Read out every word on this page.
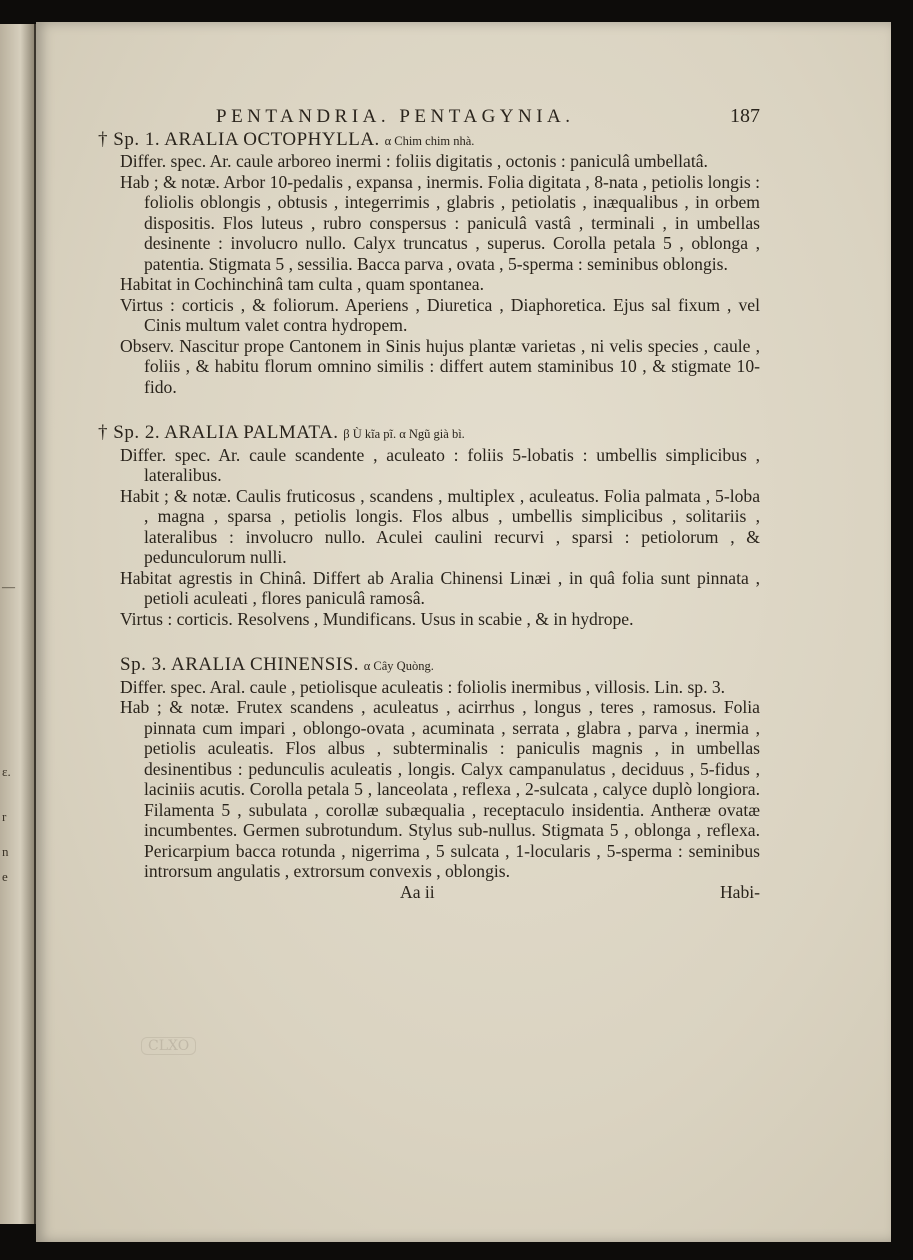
—
ɛ.
r
n
e
CLXO
PENTANDRIA. PENTAGYNIA.	187

† Sp. 1. ARALIA OCTOPHYLLA. α Chim chim nhà.

Differ. spec. Ar. caule arboreo inermi : foliis digitatis , octonis : paniculâ umbellatâ.

Hab ; & notæ. Arbor 10-pedalis , expansa , inermis. Folia digitata , 8-nata , petiolis longis : foliolis oblongis , obtusis , integerrimis , glabris , petiolatis , inæqualibus , in orbem dispositis. Flos luteus , rubro conspersus : paniculâ vastâ , terminali , in umbellas desinente : involucro nullo. Calyx truncatus , superus. Corolla petala 5 , oblonga , patentia. Stigmata 5 , sessilia. Bacca parva , ovata , 5-sperma : seminibus oblongis.

Habitat in Cochinchinâ tam culta , quam spontanea.

Virtus : corticis , & foliorum. Aperiens , Diuretica , Diaphoretica. Ejus sal fixum , vel Cinis multum valet contra hydropem.

Observ. Nascitur prope Cantonem in Sinis hujus plantæ varietas , ni velis species , caule , foliis , & habitu florum omnino similis : differt autem staminibus 10 , & stigmate 10-fido.

† Sp. 2. ARALIA PALMATA. β Ù kĩa pĩ. α Ngũ già bì.

Differ. spec. Ar. caule scandente , aculeato : foliis 5-lobatis : umbellis simplicibus , lateralibus.

Habit ; & notæ. Caulis fruticosus , scandens , multiplex , aculeatus. Folia palmata , 5-loba , magna , sparsa , petiolis longis. Flos albus , umbellis simplicibus , solitariis , lateralibus : involucro nullo. Aculei caulini recurvi , sparsi : petiolorum , & pedunculorum nulli.

Habitat agrestis in Chinâ. Differt ab Aralia Chinensi Linæi , in quâ folia sunt pinnata , petioli aculeati , flores paniculâ ramosâ.

Virtus : corticis. Resolvens , Mundificans. Usus in scabie , & in hydrope.

Sp. 3. ARALIA CHINENSIS. α Cây Quòng.

Differ. spec. Aral. caule , petiolisque aculeatis : foliolis inermibus , villosis. Lin. sp. 3.

Hab ; & notæ. Frutex scandens , aculeatus , acirrhus , longus , teres , ramosus. Folia pinnata cum impari , oblongo-ovata , acuminata , serrata , glabra , parva , inermia , petiolis aculeatis. Flos albus , subterminalis : paniculis magnis , in umbellas desinentibus : pedunculis aculeatis , longis. Calyx campanulatus , deciduus , 5-fidus , laciniis acutis. Corolla petala 5 , lanceolata , reflexa , 2-sulcata , calyce duplò longiora. Filamenta 5 , subulata , corollæ subæqualia , receptaculo insidentia. Antheræ ovatæ incumbentes. Germen subrotundum. Stylus sub-nullus. Stigmata 5 , oblonga , reflexa. Pericarpium bacca rotunda , nigerrima , 5 sulcata , 1-locularis , 5-sperma : seminibus introrsum angulatis , extrorsum convexis , oblongis.

Aa ii	Habi-
